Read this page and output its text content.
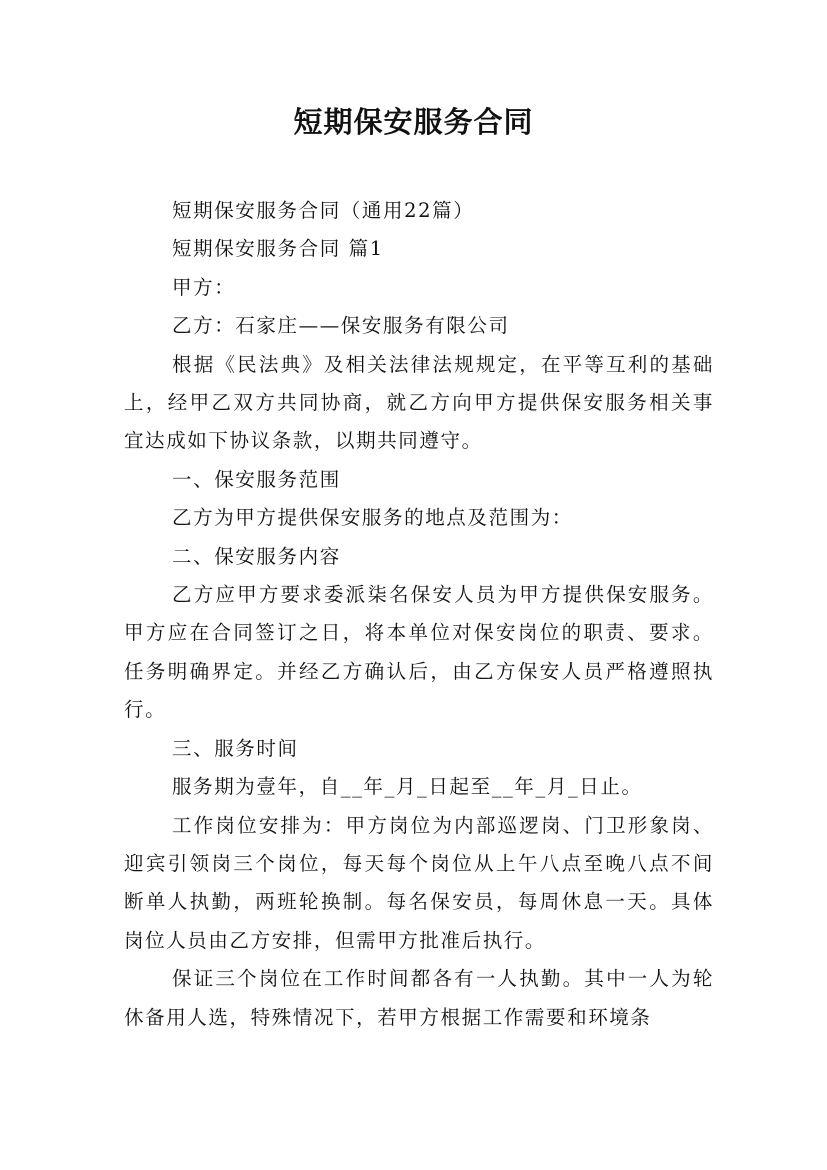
短期保安服务合同

短期保安服务合同（通用22篇）

短期保安服务合同 篇1

甲方：

乙方：石家庄——保安服务有限公司

根据《民法典》及相关法律法规规定，在平等互利的基础上，经甲乙双方共同协商，就乙方向甲方提供保安服务相关事宜达成如下协议条款，以期共同遵守。

一、保安服务范围

乙方为甲方提供保安服务的地点及范围为：

二、保安服务内容

乙方应甲方要求委派柒名保安人员为甲方提供保安服务。甲方应在合同签订之日，将本单位对保安岗位的职责、要求。任务明确界定。并经乙方确认后，由乙方保安人员严格遵照执行。

三、服务时间

服务期为壹年，自__年_月_日起至__年_月_日止。

工作岗位安排为：甲方岗位为内部巡逻岗、门卫形象岗、迎宾引领岗三个岗位，每天每个岗位从上午八点至晚八点不间断单人执勤，两班轮换制。每名保安员，每周休息一天。具体岗位人员由乙方安排，但需甲方批准后执行。

保证三个岗位在工作时间都各有一人执勤。其中一人为轮休备用人选，特殊情况下，若甲方根据工作需要和环境条
